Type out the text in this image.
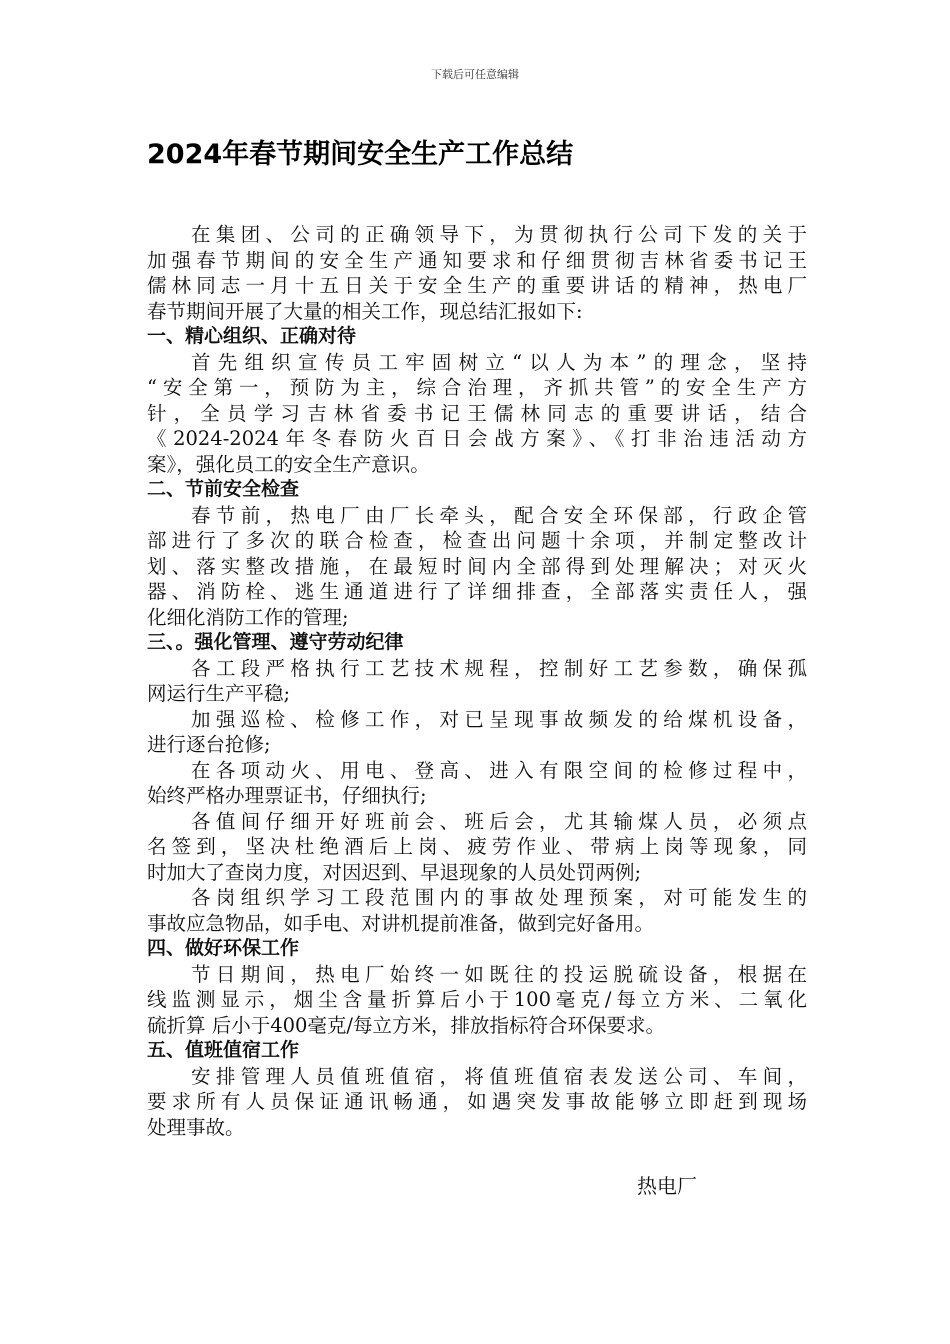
下载后可任意编辑
2024年春节期间安全生产工作总结
在集团、公司的正确领导下，为贯彻执行公司下发的关于
加强春节期间的安全生产通知要求和仔细贯彻吉林省委书记王
儒林同志一月十五日关于安全生产的重要讲话的精神，热电厂
春节期间开展了大量的相关工作，现总结汇报如下:
一、精心组织、正确对待
首先组织宣传员工牢固树立“以人为本”的理念，坚持
“安全第一，预防为主，综合治理，齐抓共管”的安全生产方
针，全员学习吉林省委书记王儒林同志的重要讲话，结合
《2024-2024年冬春防火百日会战方案》、《打非治违活动方
案》，强化员工的安全生产意识。
二、节前安全检查
春节前，热电厂由厂长牵头，配合安全环保部，行政企管
部进行了多次的联合检查，检查出问题十余项，并制定整改计
划、落实整改措施，在最短时间内全部得到处理解决；对灭火
器、消防栓、逃生通道进行了详细排查，全部落实责任人，强
化细化消防工作的管理;
三、。强化管理、遵守劳动纪律
各工段严格执行工艺技术规程，控制好工艺参数，确保孤
网运行生产平稳;
加强巡检、检修工作，对已呈现事故频发的给煤机设备，
进行逐台抢修;
在各项动火、用电、登高、进入有限空间的检修过程中，
始终严格办理票证书，仔细执行;
各值间仔细开好班前会、班后会，尤其输煤人员，必须点
名签到，坚决杜绝酒后上岗、疲劳作业、带病上岗等现象，同
时加大了查岗力度，对因迟到、早退现象的人员处罚两例;
各岗组织学习工段范围内的事故处理预案，对可能发生的
事故应急物品，如手电、对讲机提前准备，做到完好备用。
四、做好环保工作
节日期间，热电厂始终一如既往的投运脱硫设备，根据在
线监测显示，烟尘含量折算后小于100毫克/每立方米、二氧化
硫折算 后小于400毫克/每立方米，排放指标符合环保要求。
五、值班值宿工作
安排管理人员值班值宿，将值班值宿表发送公司、车间，
要求所有人员保证通讯畅通，如遇突发事故能够立即赶到现场
处理事故。
热电厂
